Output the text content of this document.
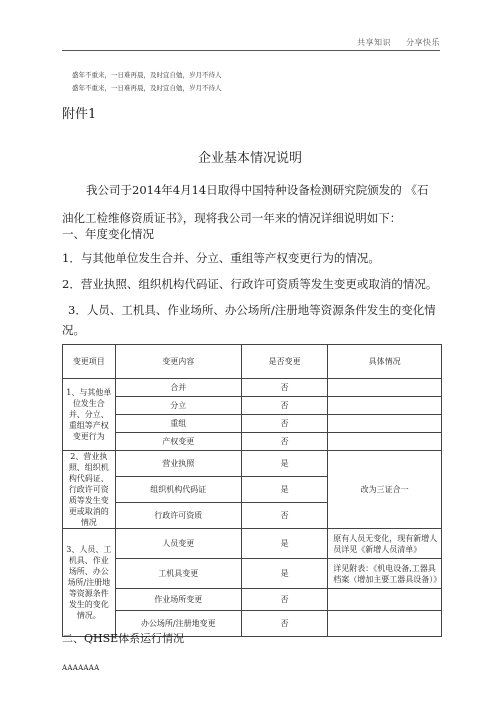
共享知识 分享快乐
盛年不重来，一日难再晨，及时宜自勉，岁月不待人
盛年不重来，一日难再晨，及时宜自勉，岁月不待人
附件1
企业基本情况说明
我公司于2014年4月14日取得中国特种设备检测研究院颁发的 《石
油化工检维修资质证书》，现将我公司一年来的情况详细说明如下：
一、年度变化情况
1．与其他单位发生合并、分立、重组等产权变更行为的情况。
2．营业执照、组织机构代码证、行政许可资质等发生变更或取消的情况。
3．人员、工机具、作业场所、办公场所/注册地等资源条件发生的变化情
况。
变更项目	变更内容	是否变更	具体情况
1、与其他单位发生合并、分立、重组等产权变更行为	合并	否	
	分立	否	
	重组	否	
	产权变更	否	
2、营业执照、组织机构代码证、行政许可资质等发生变更或取消的情况	营业执照	是	改为三证合一
	组织机构代码证	是	
	行政许可资质	否	
3、人员、工机具、作业场所、办公场所/注册地等资源条件发生的变化情况。	人员变更	是	原有人员无变化，现有新增人员详见《新增人员清单》
	工机具变更	是	详见附表：《机电设备,工器具档案（增加主要工器具设备）》
	作业场所变更	否	
	办公场所/注册地变更	否	
二、QHSE体系运行情况
AAAAAAA
